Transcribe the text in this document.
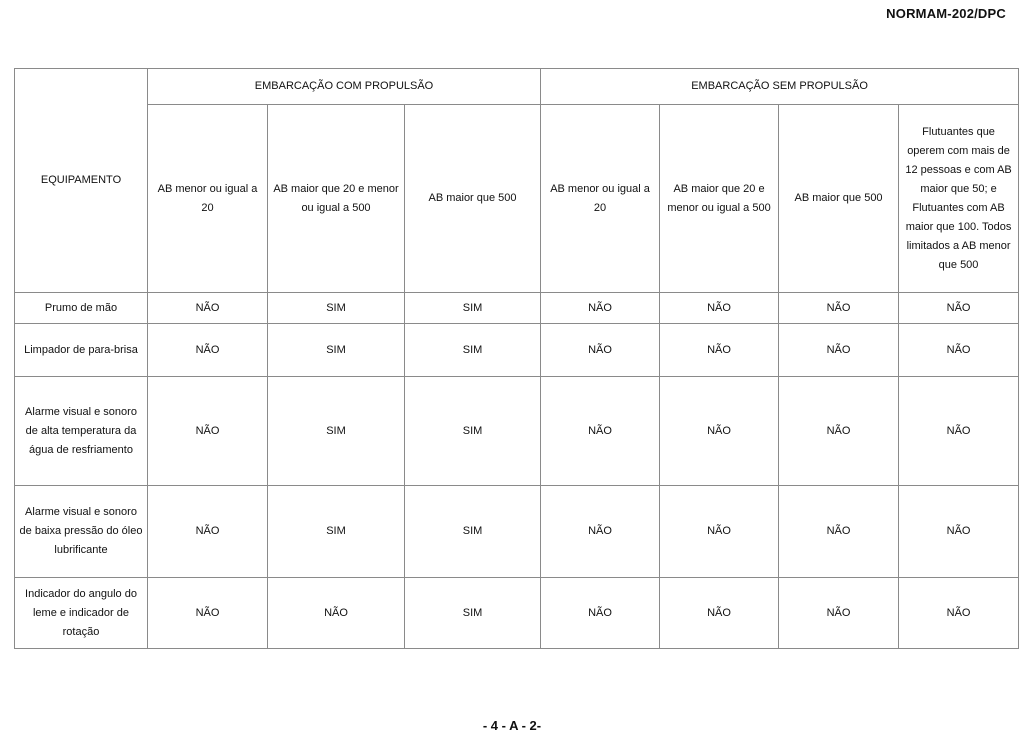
NORMAM-202/DPC
EQUIPAMENTO	EMBARCAÇÃO COM PROPULSÃO			EMBARCAÇÃO SEM PROPULSÃO			
	AB menor ou igual a 20	AB maior que 20 e menor ou igual a 500	AB maior que 500	AB menor ou igual a 20	AB maior que 20 e menor ou igual a 500	AB maior que 500	Flutuantes que operem com mais de 12 pessoas e com AB maior que 50; e Flutuantes com AB maior que 100. Todos limitados a AB menor que 500
Prumo de mão	NÃO	SIM	SIM	NÃO	NÃO	NÃO	NÃO
Limpador de para-brisa	NÃO	SIM	SIM	NÃO	NÃO	NÃO	NÃO
Alarme visual e sonoro de alta temperatura da água de resfriamento	NÃO	SIM	SIM	NÃO	NÃO	NÃO	NÃO
Alarme visual e sonoro de baixa pressão do óleo lubrificante	NÃO	SIM	SIM	NÃO	NÃO	NÃO	NÃO
Indicador do angulo do leme e indicador de rotação	NÃO	NÃO	SIM	NÃO	NÃO	NÃO	NÃO
- 4 - A - 2-
